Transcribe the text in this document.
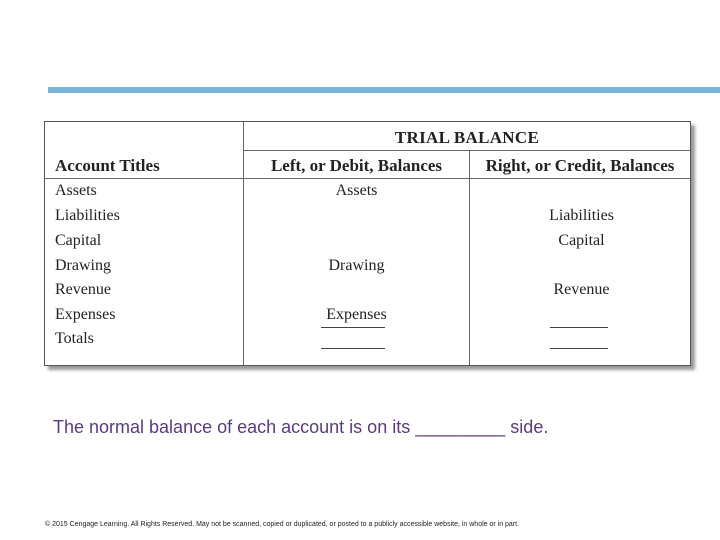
TRIAL BALANCE
Account Titles	Left, or Debit, Balances	Right, or Credit, Balances
Assets
Liabilities
Capital
Drawing
Revenue
Expenses
Totals
Assets
Drawing
Expenses
Liabilities
Capital
Revenue
The normal balance of each account is on its _________ side.
© 2015 Cengage Learning. All Rights Reserved. May not be scanned, copied or duplicated, or posted to a publicly accessible website, in whole or in part.
